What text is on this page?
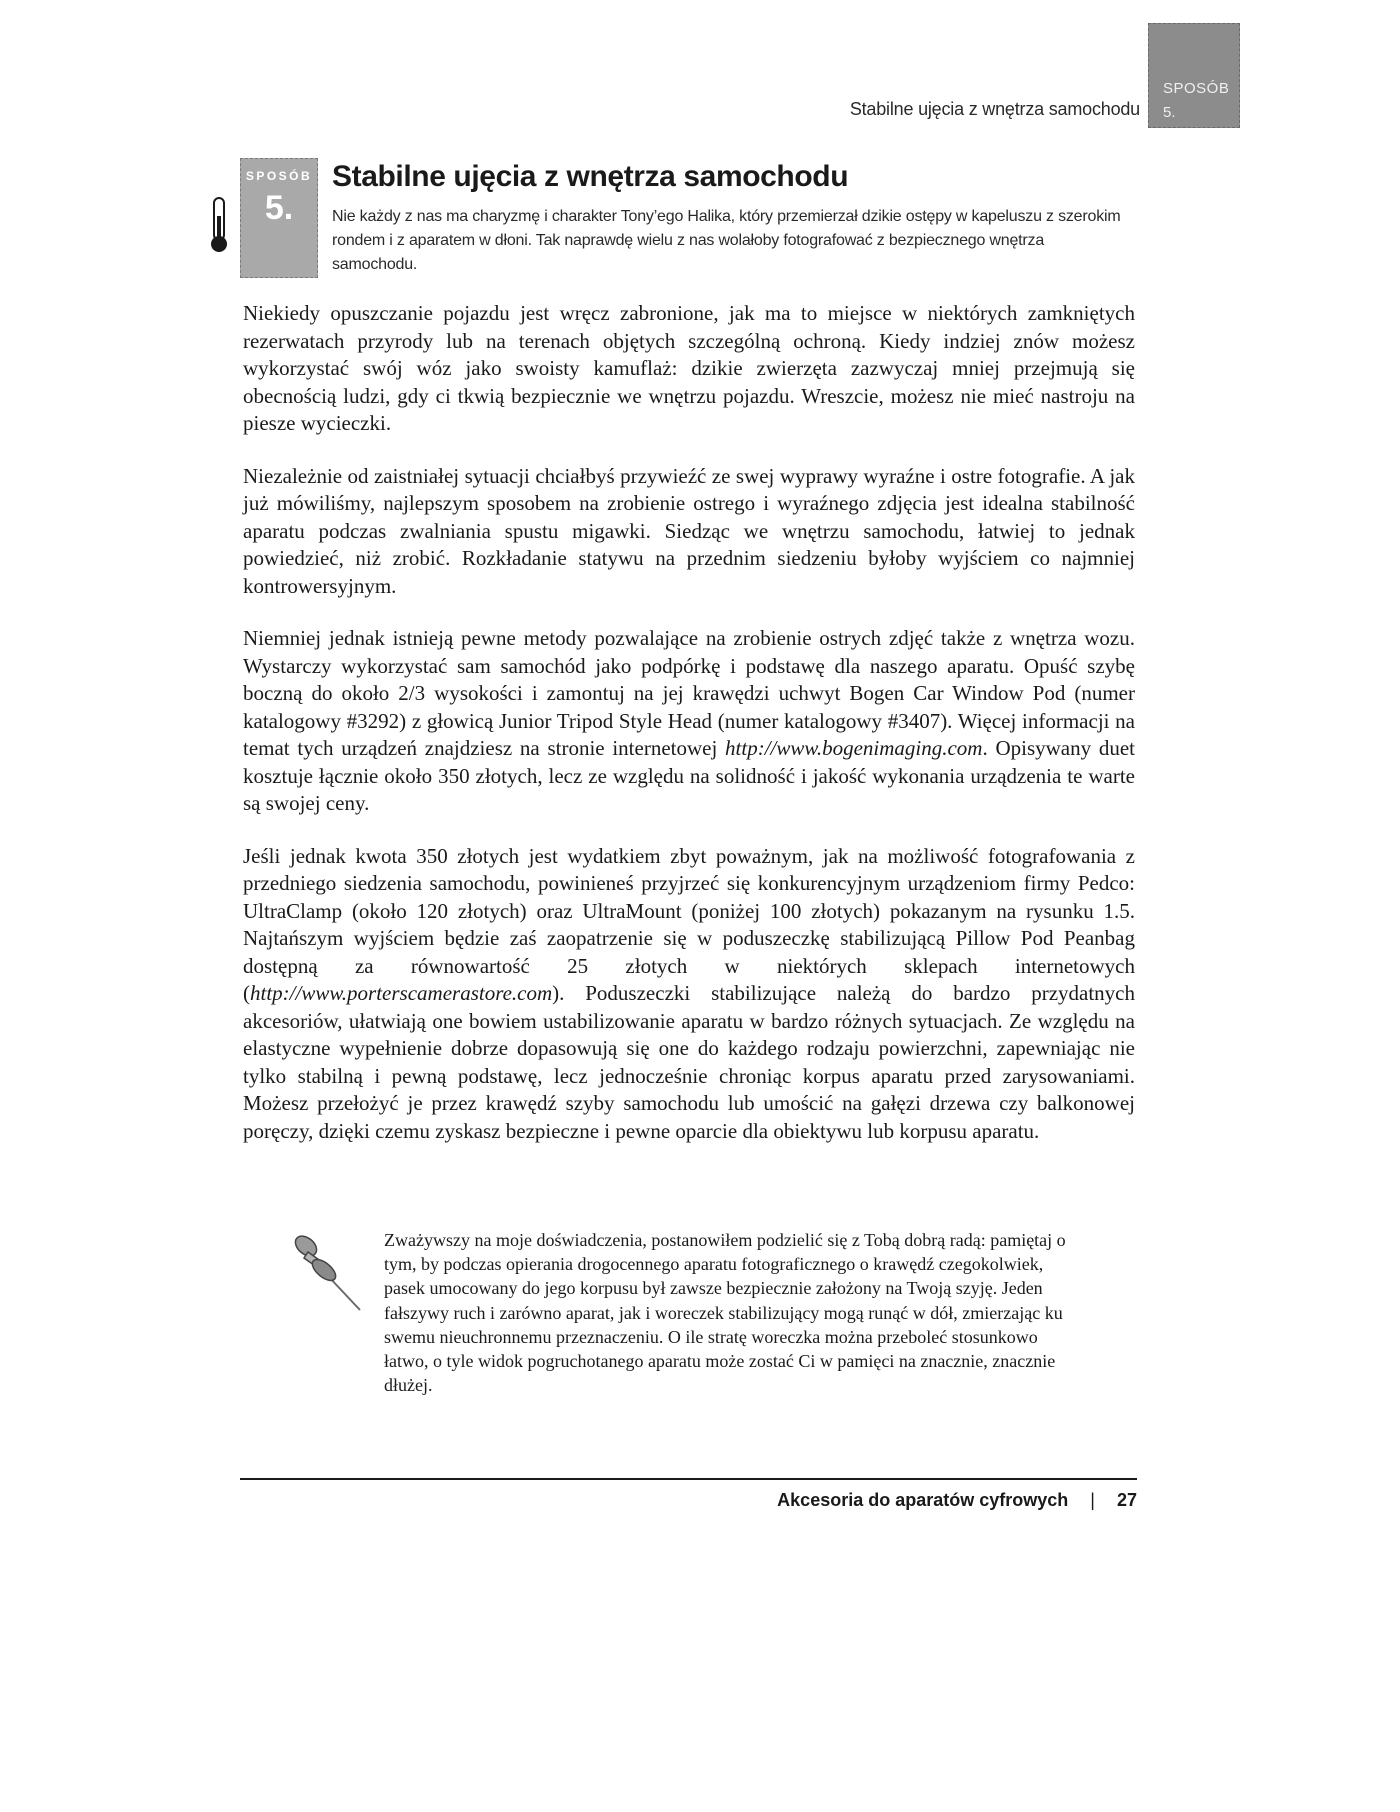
Stabilne ujęcia z wnętrza samochodu
SPOSÓB
5.
SPOSÓB
5.
Stabilne ujęcia z wnętrza samochodu

Nie każdy z nas ma charyzmę i charakter Tony’ego Halika, który przemierzał dzikie ostępy w kapeluszu z szerokim rondem i z aparatem w dłoni. Tak naprawdę wielu z nas wolałoby fotografować z bezpiecznego wnętrza samochodu.

Niekiedy opuszczanie pojazdu jest wręcz zabronione, jak ma to miejsce w niektórych zamkniętych rezerwatach przyrody lub na terenach objętych szczególną ochroną. Kiedy indziej znów możesz wykorzystać swój wóz jako swoisty kamuflaż: dzikie zwierzęta zazwyczaj mniej przejmują się obecnością ludzi, gdy ci tkwią bezpiecznie we wnętrzu pojazdu. Wreszcie, możesz nie mieć nastroju na piesze wycieczki.

Niezależnie od zaistniałej sytuacji chciałbyś przywieźć ze swej wyprawy wyraźne i ostre fotografie. A jak już mówiliśmy, najlepszym sposobem na zrobienie ostrego i wyraźnego zdjęcia jest idealna stabilność aparatu podczas zwalniania spustu migawki. Siedząc we wnętrzu samochodu, łatwiej to jednak powiedzieć, niż zrobić. Rozkładanie statywu na przednim siedzeniu byłoby wyjściem co najmniej kontrowersyjnym.

Niemniej jednak istnieją pewne metody pozwalające na zrobienie ostrych zdjęć także z wnętrza wozu. Wystarczy wykorzystać sam samochód jako podpórkę i podstawę dla naszego aparatu. Opuść szybę boczną do około 2/3 wysokości i zamontuj na jej krawędzi uchwyt Bogen Car Window Pod (numer katalogowy #3292) z głowicą Junior Tripod Style Head (numer katalogowy #3407). Więcej informacji na temat tych urządzeń znajdziesz na stronie internetowej http://www.bogenimaging.com. Opisywany duet kosztuje łącznie około 350 złotych, lecz ze względu na solidność i jakość wykonania urządzenia te warte są swojej ceny.

Jeśli jednak kwota 350 złotych jest wydatkiem zbyt poważnym, jak na możliwość fotografowania z przedniego siedzenia samochodu, powinieneś przyjrzeć się konkurencyjnym urządzeniom firmy Pedco: UltraClamp (około 120 złotych) oraz UltraMount (poniżej 100 złotych) pokazanym na rysunku 1.5. Najtańszym wyjściem będzie zaś zaopatrzenie się w poduszeczkę stabilizującą Pillow Pod Peanbag dostępną za równowartość 25 złotych w niektórych sklepach internetowych (http://www.porterscamerastore.com). Poduszeczki stabilizujące należą do bardzo przydatnych akcesoriów, ułatwiają one bowiem ustabilizowanie aparatu w bardzo różnych sytuacjach. Ze względu na elastyczne wypełnienie dobrze dopasowują się one do każdego rodzaju powierzchni, zapewniając nie tylko stabilną i pewną podstawę, lecz jednocześnie chroniąc korpus aparatu przed zarysowaniami. Możesz przełożyć je przez krawędź szyby samochodu lub umościć na gałęzi drzewa czy balkonowej poręczy, dzięki czemu zyskasz bezpieczne i pewne oparcie dla obiektywu lub korpusu aparatu.

Zważywszy na moje doświadczenia, postanowiłem podzielić się z Tobą dobrą radą: pamiętaj o tym, by podczas opierania drogocennego aparatu fotograficznego o krawędź czegokolwiek, pasek umocowany do jego korpusu był zawsze bezpiecznie założony na Twoją szyję. Jeden fałszywy ruch i zarówno aparat, jak i woreczek stabilizujący mogą runąć w dół, zmierzając ku swemu nieuchronnemu przeznaczeniu. O ile stratę woreczka można przeboleć stosunkowo łatwo, o tyle widok pogruchotanego aparatu może zostać Ci w pamięci na znacznie, znacznie dłużej.

Akcesoria do aparatów cyfrowych | 27
